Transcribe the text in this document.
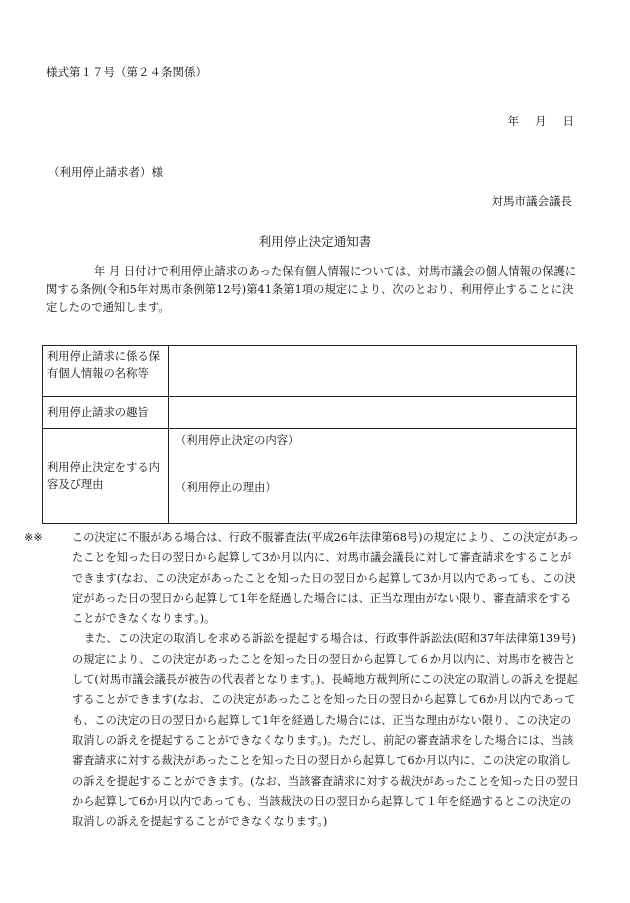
様式第１７号（第２４条関係）
年 月 日
（利用停止請求者）様
対馬市議会議長
利用停止決定通知書
年 月 日付けで利用停止請求のあった保有個人情報については、対馬市議会の個人情報の保護に関する条例(令和5年対馬市条例第12号)第41条第1項の規定により、次のとおり、利用停止することに決定したので通知します。
利用停止請求に係る保有個人情報の名称等	
利用停止請求の趣旨	
利用停止決定をする内容及び理由	（利用停止決定の内容）
（利用停止の理由）

※※	この決定に不服がある場合は、行政不服審査法(平成26年法律第68号)の規定により、この決定があったことを知った日の翌日から起算して3か月以内に、対馬市議会議長に対して審査請求をすることができます(なお、この決定があったことを知った日の翌日から起算して3か月以内であっても、この決定があった日の翌日から起算して1年を経過した場合には、正当な理由がない限り、審査請求をすることができなくなります。)。

また、この決定の取消しを求める訴訟を提起する場合は、行政事件訴訟法(昭和37年法律第139号)の規定により、この決定があったことを知った日の翌日から起算して６か月以内に、対馬市を被告として(対馬市議会議長が被告の代表者となります。)、長崎地方裁判所にこの決定の取消しの訴えを提起することができます(なお、この決定があったことを知った日の翌日から起算して6か月以内であっても、この決定の日の翌日から起算して1年を経過した場合には、正当な理由がない限り、この決定の取消しの訴えを提起することができなくなります。)。ただし、前記の審査請求をした場合には、当該審査請求に対する裁決があったことを知った日の翌日から起算して6か月以内に、この決定の取消しの訴えを提起することができます。(なお、当該審査請求に対する裁決があったことを知った日の翌日から起算して6か月以内であっても、当該裁決の日の翌日から起算して１年を経過するとこの決定の取消しの訴えを提起することができなくなります。)
